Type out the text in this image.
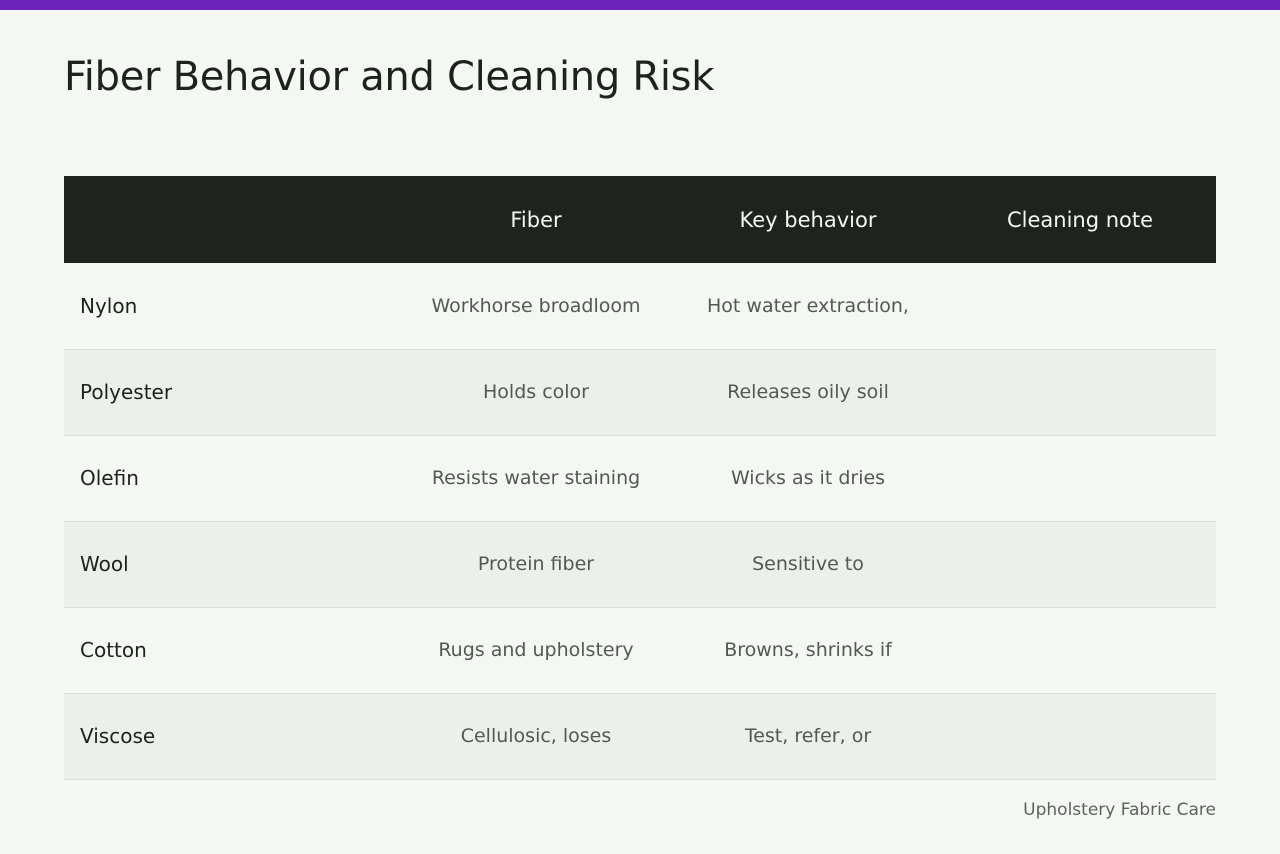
Fiber Behavior and Cleaning Risk
	Fiber	Key behavior	Cleaning note
Nylon	Workhorse broadloom	Hot water extraction,	
Polyester	Holds color	Releases oily soil	
Olefin	Resists water staining	Wicks as it dries	
Wool	Protein fiber	Sensitive to	
Cotton	Rugs and upholstery	Browns, shrinks if	
Viscose	Cellulosic, loses	Test, refer, or	
Upholstery Fabric Care
